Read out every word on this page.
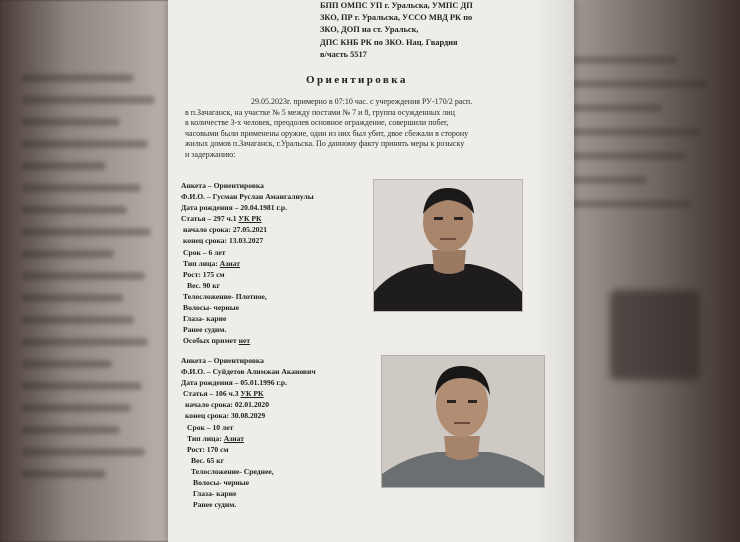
БПП ОМПС УП г. Уральска, УМПС ДП
ЗКО, ПР г. Уральска, УССО МВД РК по
ЗКО, ДОП на ст. Уральск,
ДПС КНБ РК по ЗКО. Нац. Гвардия
в/часть 5517
Ориентировка

29.05.2023г. примерно в 07:10 час. с учереждения РУ-170/2 расп.

в п.Зачаганск, на участке № 5 между постами № 7 и 8, группа осужденных лиц

в количестве 3-х человек, преодолев основное ограждение, совершили побег,

часовыми были применены оружие, один из них был убит, двое сбежали в сторону

жилых домов п.Зачаганск, г.Уральска. По данному факту принять меры к розыску

и задержанию:

Анкета – Ориентировка
Ф.И.О. – Гусман Руслан Амангалиулы
Дата рождения – 20.04.1981 г.р.
Статья – 297 ч.1 УК РК
начало срока: 27.05.2021
конец срока: 13.03.2027
Срок – 6 лет
Тип лица: Азиат
Рост: 175 см
Вес. 90 кг
Телосложение- Плотное,
Волосы- черные
Глаза- карие
Ранее судим.
Особых примет нет
Анкета – Ориентировка
Ф.И.О. – Суйдетов Алимжан Аканович
Дата рождения – 05.01.1996 г.р.
Статья – 106 ч.3 УК РК
начало срока: 02.01.2020
конец срока: 30.08.2029
Срок – 10 лет
Тип лица: Азиат
Рост: 170 см
Вес. 65 кг
Телосложение- Среднее,
Волосы- черные
Глаза- карие
Ранее судим.
